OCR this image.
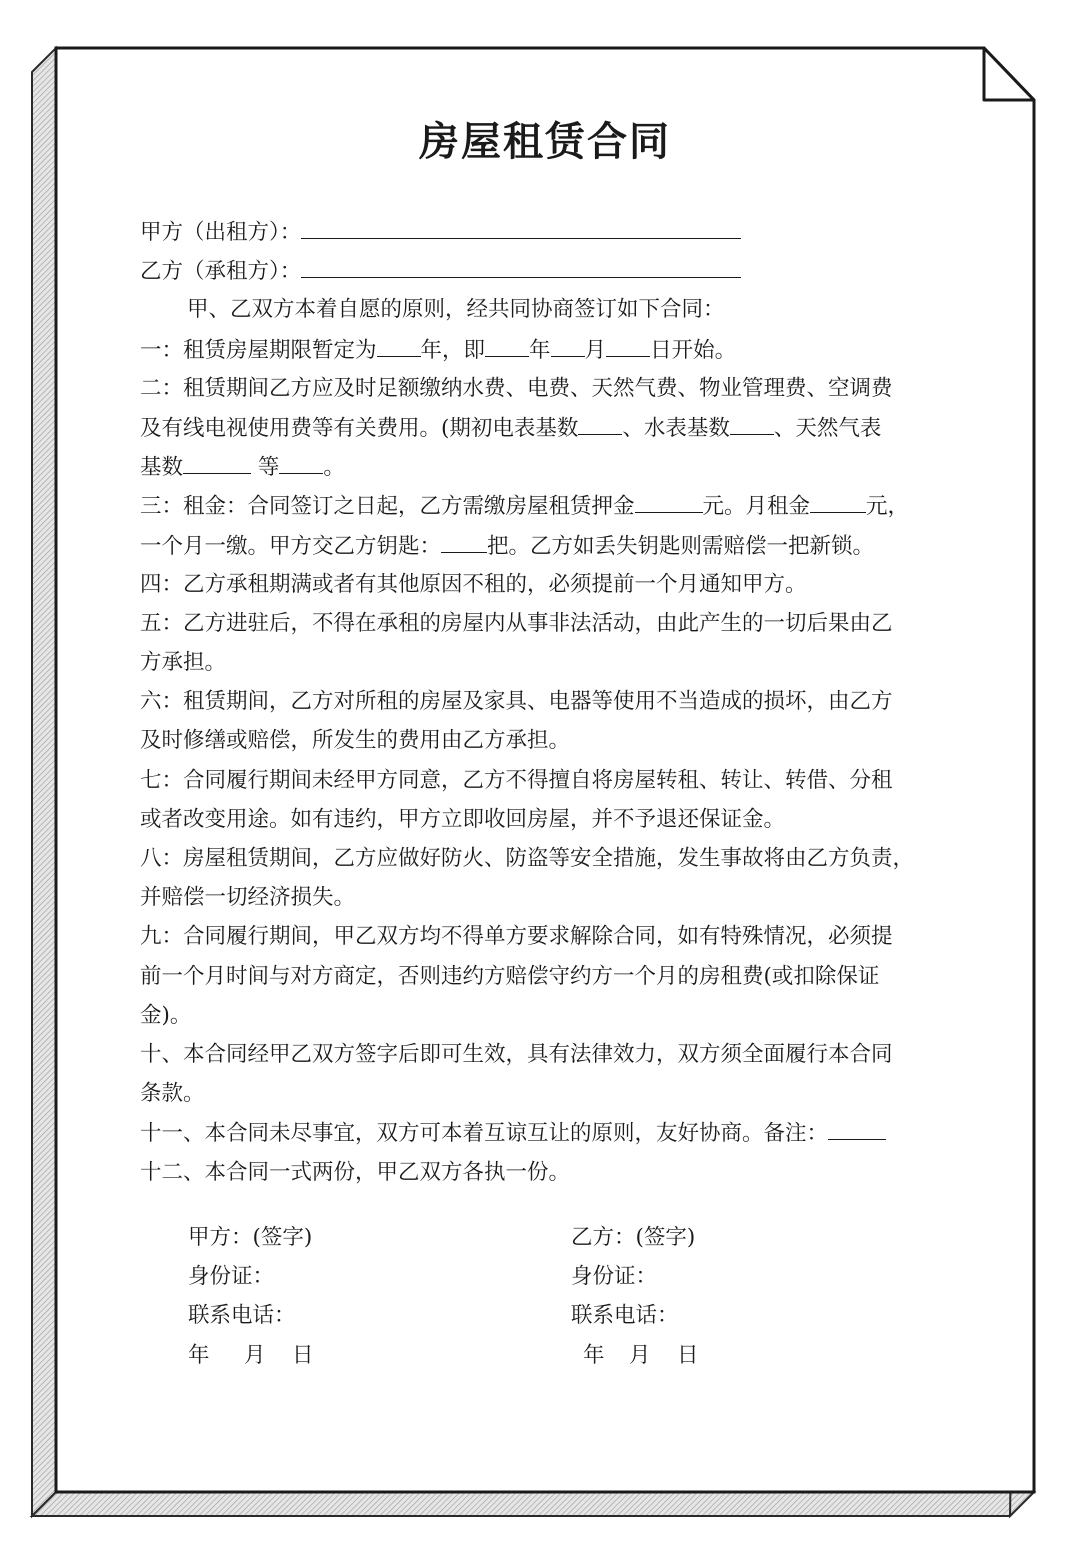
房屋租赁合同
甲方（出租方）：
乙方（承租方）：
甲、乙双方本着自愿的原则，经共同协商签订如下合同：
一：租赁房屋期限暂定为 年，即 年 月 日开始。
二：租赁期间乙方应及时足额缴纳水费、电费、天然气费、物业管理费、空调费
及有线电视使用费等有关费用。(期初电表基数 、水表基数 、天然气表
基数	等 。
三：租金：合同签订之日起，乙方需缴房屋租赁押金	元。月租金	元，
一个月一缴。甲方交乙方钥匙： 把。乙方如丢失钥匙则需赔偿一把新锁。
四：乙方承租期满或者有其他原因不租的，必须提前一个月通知甲方。
五：乙方进驻后，不得在承租的房屋内从事非法活动，由此产生的一切后果由乙
方承担。
六：租赁期间，乙方对所租的房屋及家具、电器等使用不当造成的损坏，由乙方
及时修缮或赔偿，所发生的费用由乙方承担。
七：合同履行期间未经甲方同意，乙方不得擅自将房屋转租、转让、转借、分租
或者改变用途。如有违约，甲方立即收回房屋，并不予退还保证金。
八：房屋租赁期间，乙方应做好防火、防盗等安全措施，发生事故将由乙方负责，
并赔偿一切经济损失。
九：合同履行期间，甲乙双方均不得单方要求解除合同，如有特殊情况，必须提
前一个月时间与对方商定，否则违约方赔偿守约方一个月的房租费(或扣除保证
金)。
十、本合同经甲乙双方签字后即可生效，具有法律效力，双方须全面履行本合同
条款。
十一、本合同未尽事宜，双方可本着互谅互让的原则，友好协商。备注：
十二、本合同一式两份，甲乙双方各执一份。
甲方：(签字)	乙方：(签字)
身份证：	身份证：
联系电话：	联系电话：
年 月 日	年 月 日
